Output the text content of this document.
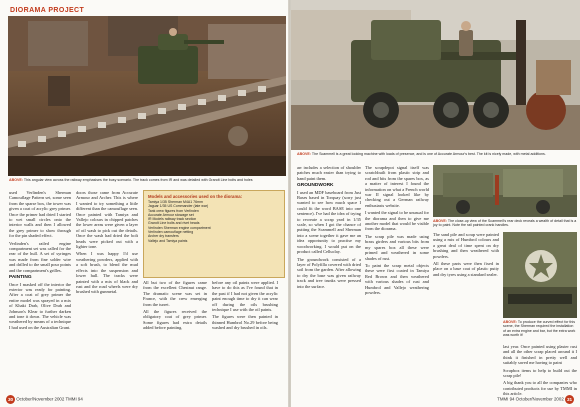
DIORAMA PROJECT
ABOVE: This angular view across the railway emphasises the busy scenario. The track comes from IR and was detailed with Grandt Line bolts and holes

used Verlinden's Sherman Camouflage Pattern set, some seen from the sparse box, the tower was given a coat of acrylic grey primer. Once the primer had dried I started to wet small circles onto the interior walls and then I allowed the grey primer to show through for the pin shaded effect.

Verlinden's railed engine compartment set was called for the rear of the hull. A set of syringes was made from fine solder wire and drilled to the small pour points and the compartment's grilles.

PAINTING

Once I masked off the interior the exterior was ready for painting. After a coat of grey primer the entire model was sprayed in a mix of Khaki Drab, Olive Drab and Johnson's Klear to further darken and tone it down. The vehicle was weathered by means of a technique I had used on the Australian Grant.

doors those came from Accurate Armour and Archer. This is where I wanted to try something a little different than the camouflage seen. Once painted with Tamiya and Vallejo colours in chipped patches the lower areas were given a layer of oil wash to pick out the details. Once the wash had dried the bolt heads were picked out with a lighter tone.

When I was happy I'd use weathering powders, applied with a soft brush, to blend the mud effects into the suspension and lower hull. The tracks were painted with a mix of black and rust and the road wheels were dry brushed with gunmetal.

Models and accessories used on the diorama:
Tamiya 1/35 Sherman M4A1 76mm
Jaguar 1/35 US Commander (late war)
Tank crew figures from Verlinden
Accurate Armour stowage set
IR Models railway track section
Grandt Line bolts and rivet heads
Verlinden Sherman engine compartment
Verlinden camouflage netting
Archer dry transfers
Vallejo and Tamiya paints

All but two of the figures came from the excellent Chestnut range. The dramatic scene was set in France, with the crew emerging from the turret.

All the figures received the obligatory coat of grey primer. Some figures had extra details added before painting.

before any oil paints were applied. I have to do this as I've found that in the past if I had not given the acrylic paint enough time to dry it can wear off during the oils brushing technique I use with the oil paints.

The figures were then painted in thinned Humbrol No.29 before being washed and dry brushed in oils.

30 October/November 2002 TMMI 94
ABOVE: The Scammell is a great looking machine with loads of presence, and is one of Accurate Armour's best. The kit is nicely made, with metal additions.

arr includes a selection of shoulder patches much easier than trying to hand paint them.

GROUNDWORK

I used an MDF baseboard from Just Bases based in Torquay (sorry just wanted to see how much space I could fit the word BASE into one sentence). I've had the idea of trying to recreate a scrap yard in 1/35 scale, so when I got the chance of putting the Scammell and Sherman into a scene together it gave me an idea opportunity to practise my woodworking. I would put on the product called Celluclay.

The groundwork consisted of a layer of Polyfilla covered with dried soil from the garden. After allowing to dry the base was given railway track and tree trunks were pressed into the surface.

The scrapdepot signal itself was scratchbuilt from plastic strip and rod and bits from the spares box, as a matter of interest I found the information on what a French world war II signal looked like by checking out a German railway enthusiasts website.

I wanted the signal to be unusual for the diorama and then to give me another model that would be visible from the diorama.

The scrap pile was made using brass girders and various bits from my spares box all these were primed and weathered in some shades of rust.

To paint the scrap metal objects these were first coated in Tamiya Red Brown and then weathered with various shades of rust and Humbrol and Vallejo weathering powders.

ABOVE: The close-up view of the Scammell's rear deck reveals a wealth of detail that is a joy to paint. Note the rail painted crank handles.

The sand pile and scrap were painted using a mix of Humbrol colours and a great deal of time spent on dry brushing and then weathered with powders.

All these parts were then fixed in place on a base coat of plastic putty and dry tyres using a standard sealer.

ABOVE: To produce the curved effect for this scene, the Sherman required the installation of an extra engine and bar, but the extra work was worth it!

last year. Once painted using plaster rust and all the other scrap placed around it I think it finished in pretty well and suitably saved me having to paint

Scrapbox items to help to build out the scrap pile!

A big thank you to all the companies who contributed products for use by TMMI in this article.

TMMI 94 October/November 2002 31
